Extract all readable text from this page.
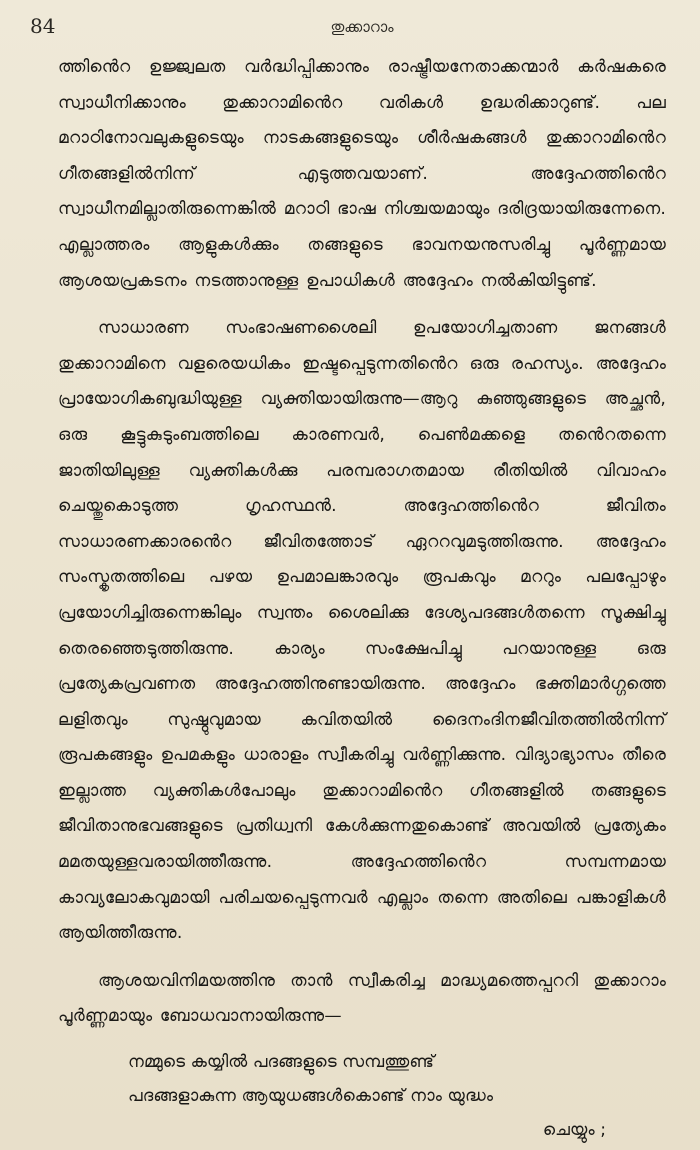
84	തുക്കാറാം

ത്തിൻെറ ഉജ്ജ്വലത വർദ്ധിപ്പിക്കാനും രാഷ്ട്രീയനേതാക്കന്മാർ കർഷകരെ സ്വാധീനിക്കാനും തുക്കാറാമിൻെറ വരികൾ ഉദ്ധരിക്കാറുണ്ട്. പല മറാഠിനോവലുകളുടെയും നാടകങ്ങളുടെയും ശീർഷകങ്ങൾ തുക്കാറാമിൻെറ ഗീതങ്ങളിൽനിന്ന് എടുത്തവയാണ്. അദ്ദേഹത്തിൻെറ സ്വാധീനമില്ലാതിരുന്നെങ്കിൽ മറാഠി ഭാഷ നിശ്ചയമായും ദരിദ്രയായിരുന്നേനെ. എല്ലാത്തരം ആളുകൾക്കും തങ്ങളുടെ ഭാവനയനുസരിച്ചു പൂർണ്ണമായ ആശയപ്രകടനം നടത്താനുള്ള ഉപാധികൾ അദ്ദേഹം നൽകിയിട്ടുണ്ട്.

സാധാരണ സംഭാഷണശൈലി ഉപയോഗിച്ചതാണ ജനങ്ങൾ തുക്കാറാമിനെ വളരെയധികം ഇഷ്ടപ്പെടുന്നതിൻെറ ഒരു രഹസ്യം. അദ്ദേഹം പ്രായോഗികബുദ്ധിയുള്ള വ്യക്തിയായിരുന്നു—ആറു കുഞ്ഞുങ്ങളുടെ അച്ഛൻ, ഒരു കൂട്ടുകുടുംബത്തിലെ കാരണവർ, പെൺമക്കളെ തൻെറതന്നെ ജാതിയിലുള്ള വ്യക്തികൾക്കു പരമ്പരാഗതമായ രീതിയിൽ വിവാഹം ചെയ്തുകൊടുത്ത ഗൃഹസ്ഥൻ. അദ്ദേഹത്തിൻെറ ജീവിതം സാധാരണക്കാരൻെറ ജീവിതത്തോട് ഏററവുമടുത്തിരുന്നു. അദ്ദേഹം സംസ്കൃതത്തിലെ പഴയ ഉപമാലങ്കാരവും രൂപകവും മററും പലപ്പോഴും പ്രയോഗിച്ചിരുന്നെങ്കിലും സ്വന്തം ശൈലിക്കു ദേശ്യപദങ്ങൾതന്നെ സൂക്ഷിച്ചു തെരഞ്ഞെടുത്തിരുന്നു. കാര്യം സംക്ഷേപിച്ചു പറയാനുള്ള ഒരു പ്രത്യേകപ്രവണത അദ്ദേഹത്തിനുണ്ടായിരുന്നു. അദ്ദേഹം ഭക്തിമാർഗ്ഗത്തെ ലളിതവും സുഷ്ഠുവുമായ കവിതയിൽ ദൈനംദിനജീവിതത്തിൽനിന്ന് രൂപകങ്ങളും ഉപമകളും ധാരാളം സ്വീകരിച്ചു വർണ്ണിക്കുന്നു. വിദ്യാഭ്യാസം തീരെ ഇല്ലാത്ത വ്യക്തികൾപോലും തുക്കാറാമിൻെറ ഗീതങ്ങളിൽ തങ്ങളുടെ ജീവിതാനുഭവങ്ങളുടെ പ്രതിധ്വനി കേൾക്കുന്നതുകൊണ്ട് അവയിൽ പ്രത്യേകം മമതയുള്ളവരായിത്തീരുന്നു. അദ്ദേഹത്തിൻെറ സമ്പന്നമായ കാവ്യലോകവുമായി പരിചയപ്പെടുന്നവർ എല്ലാം തന്നെ അതിലെ പങ്കാളികൾ ആയിത്തീരുന്നു.

ആശയവിനിമയത്തിനു താൻ സ്വീകരിച്ച മാദ്ധ്യമത്തെപ്പററി തുക്കാറാം പൂർണ്ണമായും ബോധവാനായിരുന്നു—

നമ്മുടെ കയ്യിൽ പദങ്ങളുടെ സമ്പത്തുണ്ട്
പദങ്ങളാകുന്ന ആയുധങ്ങൾകൊണ്ട് നാം യുദ്ധം
ചെയ്യും ;
